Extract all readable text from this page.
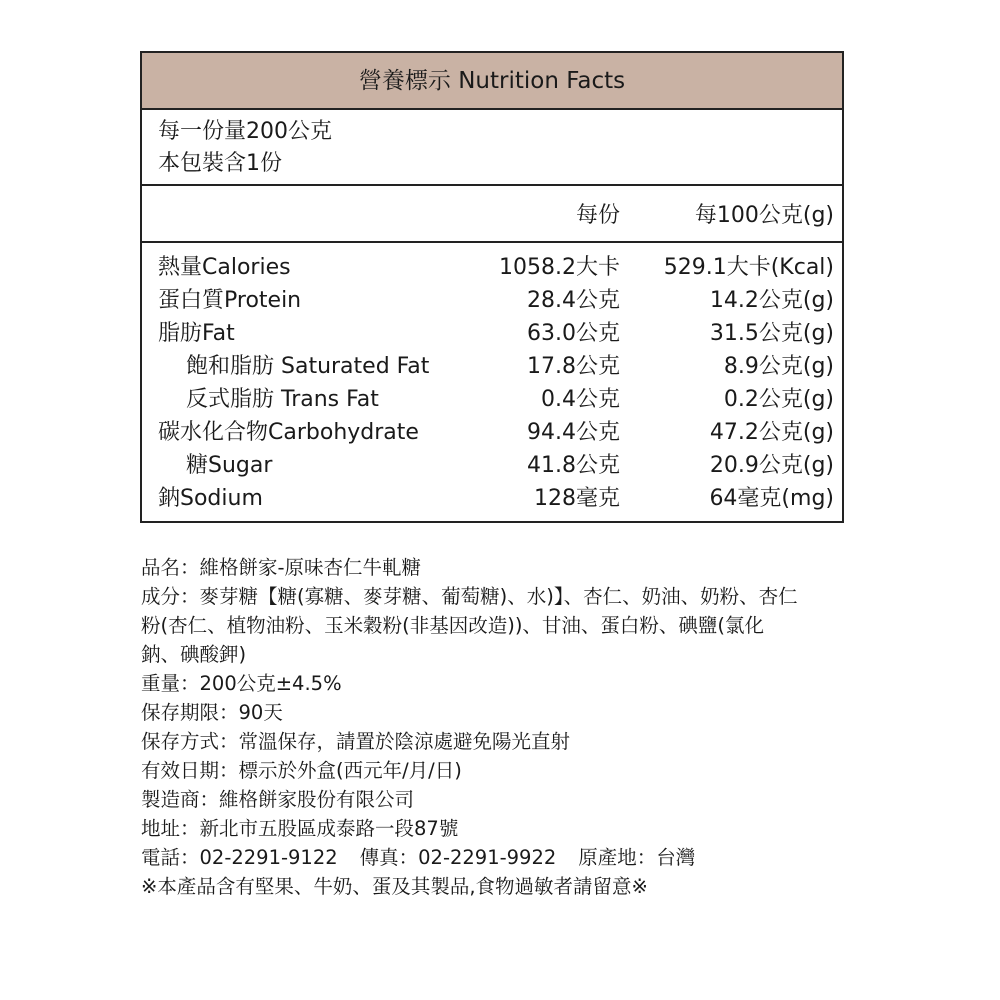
營養標示 Nutrition Facts
每一份量200公克
本包裝含1份
每份	每100公克(g)
熱量Calories	1058.2大卡 529.1大卡(Kcal)
蛋白質Protein	28.4公克	14.2公克(g)
脂肪Fat	63.0公克	31.5公克(g)
飽和脂肪 Saturated Fat	17.8公克	8.9公克(g)
反式脂肪 Trans Fat	0.4公克	0.2公克(g)
碳水化合物Carbohydrate	94.4公克	47.2公克(g)
糖Sugar	41.8公克	20.9公克(g)
鈉Sodium	128毫克	64毫克(mg)

品名：維格餅家-原味杏仁牛軋糖

成分：麥芽糖【糖(寡糖、麥芽糖、葡萄糖)、水)】、杏仁、奶油、奶粉、杏仁

粉(杏仁、植物油粉、玉米穀粉(非基因改造))、甘油、蛋白粉、碘鹽(氯化

鈉、碘酸鉀)

重量：200公克±4.5%

保存期限：90天

保存方式：常溫保存，請置於陰涼處避免陽光直射

有效日期：標示於外盒(西元年/月/日)

製造商：維格餅家股份有限公司

地址：新北市五股區成泰路一段87號

電話：02-2291-9122 傳真：02-2291-9922 原產地：台灣

※本產品含有堅果、牛奶、蛋及其製品,食物過敏者請留意※
